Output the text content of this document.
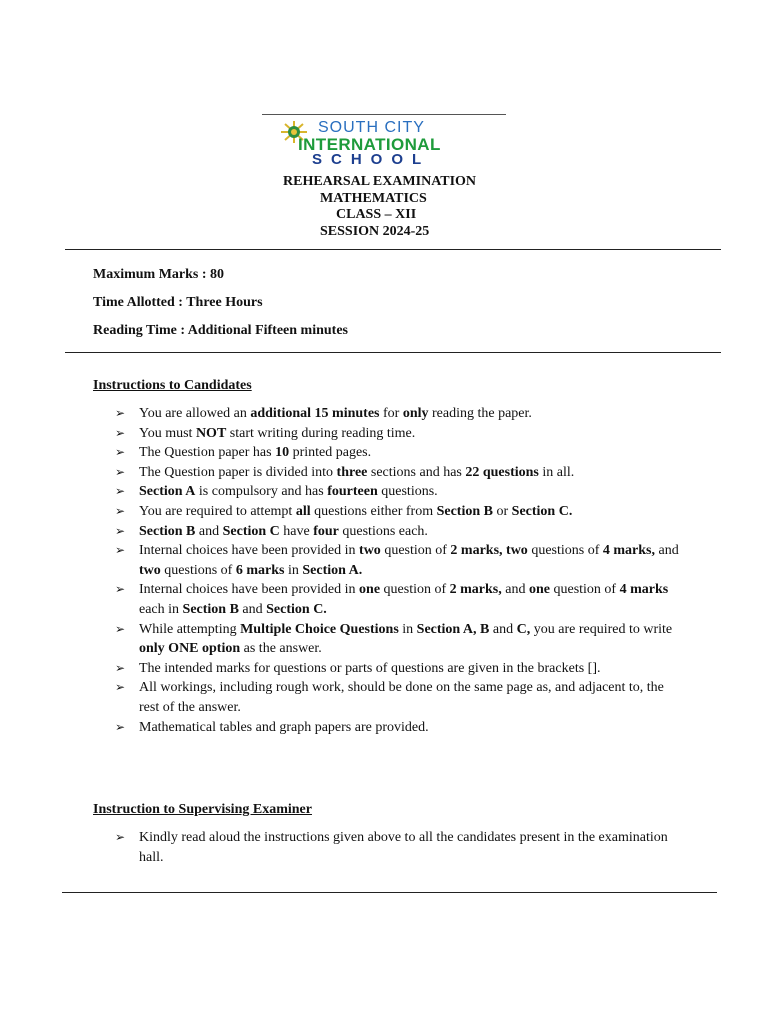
SOUTH CITY
INTERNATIONAL
SCHOOL
REHEARSAL EXAMINATION
MATHEMATICS
CLASS – XII
SESSION 2024-25
Maximum Marks : 80
Time Allotted : Three Hours
Reading Time : Additional Fifteen minutes
Instructions to Candidates
➢ You are allowed an additional 15 minutes for only reading the paper.
➢ You must NOT start writing during reading time.
➢ The Question paper has 10 printed pages.
➢ The Question paper is divided into three sections and has 22 questions in all.
➢ Section A is compulsory and has fourteen questions.
➢ You are required to attempt all questions either from Section B or Section C.
➢ Section B and Section C have four questions each.
➢ Internal choices have been provided in two question of 2 marks, two questions of 4 marks, and two questions of 6 marks in Section A.
➢ Internal choices have been provided in one question of 2 marks, and one question of 4 marks each in Section B and Section C.
➢ While attempting Multiple Choice Questions in Section A, B and C, you are required to write only ONE option as the answer.
➢ The intended marks for questions or parts of questions are given in the brackets [].
➢ All workings, including rough work, should be done on the same page as, and adjacent to, the rest of the answer.
➢ Mathematical tables and graph papers are provided.
Instruction to Supervising Examiner
➢ Kindly read aloud the instructions given above to all the candidates present in the examination hall.
